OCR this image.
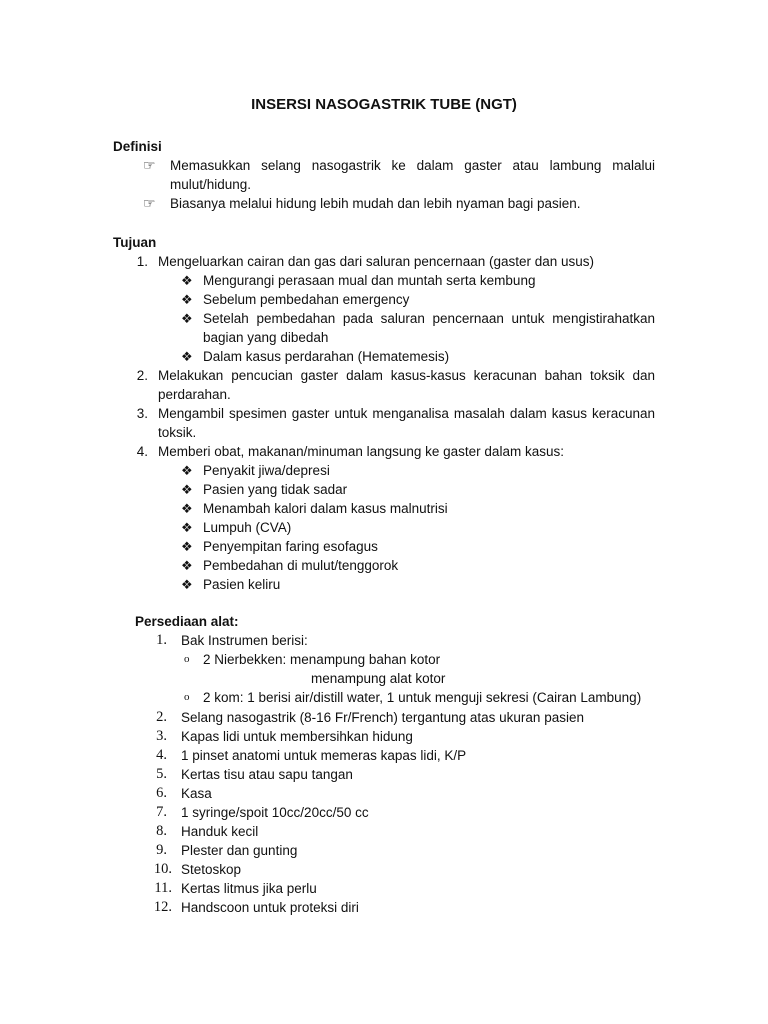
INSERSI NASOGASTRIK TUBE (NGT)
Definisi
☞ Memasukkan selang nasogastrik ke dalam gaster atau lambung malalui
mulut/hidung.
☞ Biasanya melalui hidung lebih mudah dan lebih nyaman bagi pasien.
Tujuan
1. Mengeluarkan cairan dan gas dari saluran pencernaan (gaster dan usus)
❖ Mengurangi perasaan mual dan muntah serta kembung
❖ Sebelum pembedahan emergency
❖ Setelah pembedahan pada saluran pencernaan untuk mengistirahatkan
bagian yang dibedah
❖ Dalam kasus perdarahan (Hematemesis)
2. Melakukan pencucian gaster dalam kasus-kasus keracunan bahan toksik dan
perdarahan.
3. Mengambil spesimen gaster untuk menganalisa masalah dalam kasus keracunan
toksik.
4. Memberi obat, makanan/minuman langsung ke gaster dalam kasus:
❖ Penyakit jiwa/depresi
❖ Pasien yang tidak sadar
❖ Menambah kalori dalam kasus malnutrisi
❖ Lumpuh (CVA)
❖ Penyempitan faring esofagus
❖ Pembedahan di mulut/tenggorok
❖ Pasien keliru
Persediaan alat:
1. Bak Instrumen berisi:
o 2 Nierbekken: menampung bahan kotor
menampung alat kotor
o 2 kom: 1 berisi air/distill water, 1 untuk menguji sekresi (Cairan Lambung)
2. Selang nasogastrik (8-16 Fr/French) tergantung atas ukuran pasien
3. Kapas lidi untuk membersihkan hidung
4. 1 pinset anatomi untuk memeras kapas lidi, K/P
5. Kertas tisu atau sapu tangan
6. Kasa
7. 1 syringe/spoit 10cc/20cc/50 cc
8. Handuk kecil
9. Plester dan gunting
10. Stetoskop
11. Kertas litmus jika perlu
12. Handscoon untuk proteksi diri
